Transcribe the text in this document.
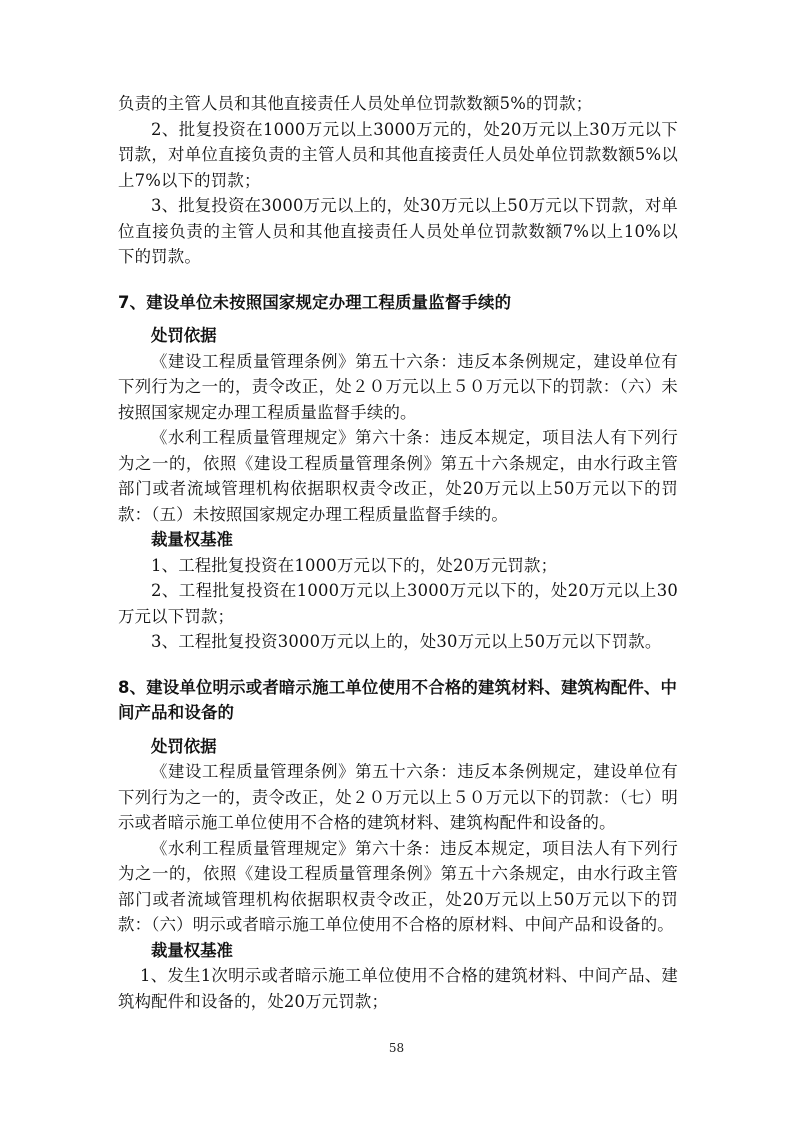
负责的主管人员和其他直接责任人员处单位罚款数额5%的罚款；

2、批复投资在1000万元以上3000万元的，处20万元以上30万元以下罚款，对单位直接负责的主管人员和其他直接责任人员处单位罚款数额5%以上7%以下的罚款；

3、批复投资在3000万元以上的，处30万元以上50万元以下罚款，对单位直接负责的主管人员和其他直接责任人员处单位罚款数额7%以上10%以下的罚款。

7、建设单位未按照国家规定办理工程质量监督手续的

处罚依据

《建设工程质量管理条例》第五十六条：违反本条例规定，建设单位有下列行为之一的，责令改正，处２０万元以上５０万元以下的罚款：（六）未按照国家规定办理工程质量监督手续的。

《水利工程质量管理规定》第六十条：违反本规定，项目法人有下列行为之一的，依照《建设工程质量管理条例》第五十六条规定，由水行政主管部门或者流域管理机构依据职权责令改正，处20万元以上50万元以下的罚款：（五）未按照国家规定办理工程质量监督手续的。

裁量权基准

1、工程批复投资在1000万元以下的，处20万元罚款；

2、工程批复投资在1000万元以上3000万元以下的，处20万元以上30万元以下罚款；

3、工程批复投资3000万元以上的，处30万元以上50万元以下罚款。

8、建设单位明示或者暗示施工单位使用不合格的建筑材料、建筑构配件、中间产品和设备的

处罚依据

《建设工程质量管理条例》第五十六条：违反本条例规定，建设单位有下列行为之一的，责令改正，处２０万元以上５０万元以下的罚款：（七）明示或者暗示施工单位使用不合格的建筑材料、建筑构配件和设备的。

《水利工程质量管理规定》第六十条：违反本规定，项目法人有下列行为之一的，依照《建设工程质量管理条例》第五十六条规定，由水行政主管部门或者流域管理机构依据职权责令改正，处20万元以上50万元以下的罚款：（六）明示或者暗示施工单位使用不合格的原材料、中间产品和设备的。

裁量权基准

1、发生1次明示或者暗示施工单位使用不合格的建筑材料、中间产品、建筑构配件和设备的，处20万元罚款；

58
